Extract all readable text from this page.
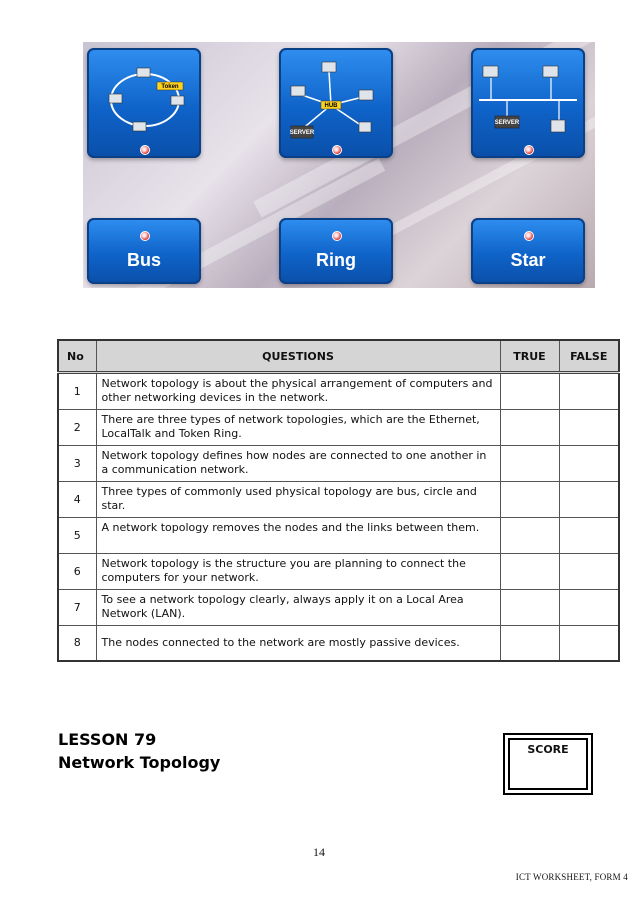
Token
SERVER
HUB
SERVER
Bus	Ring	Star
No	QUESTIONS	TRUE	FALSE
1	Network topology is about the physical arrangement of computers and other networking devices in the network.		
2	There are three types of network topologies, which are the Ethernet, LocalTalk and Token Ring.		
3	Network topology defines how nodes are connected to one another in a communication network.		
4	Three types of commonly used physical topology are bus, circle and star.		
5	A network topology removes the nodes and the links between them.		
6	Network topology is the structure you are planning to connect the computers for your network.		
7	To see a network topology clearly, always apply it on a Local Area Network (LAN).		
8	The nodes connected to the network are mostly passive devices.		
LESSON 79
Network Topology
SCORE
14
ICT WORKSHEET, FORM 4
